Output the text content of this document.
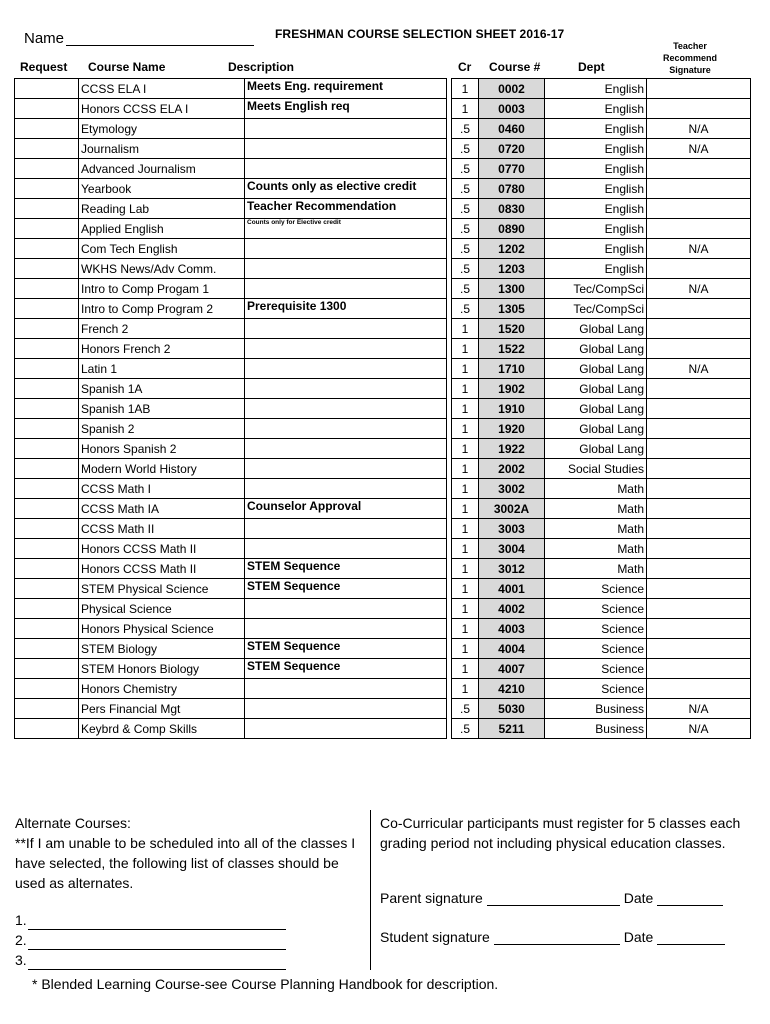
Name	FRESHMAN COURSE SELECTION SHEET 2016-17
Teacher
Recommend
Signature
Request Course Name	Description	Cr Course #	Dept
	CCSS ELA I	Meets Eng. requirement		1	0002	English	
	Honors CCSS ELA I	Meets English req		1	0003	English	
	Etymology			.5	0460	English	N/A
	Journalism			.5	0720	English	N/A
	Advanced Journalism			.5	0770	English	
	Yearbook	Counts only as elective credit		.5	0780	English	
	Reading Lab	Teacher Recommendation		.5	0830	English	
	Applied English	Counts only for Elective credit		.5	0890	English	
	Com Tech English			.5	1202	English	N/A
	WKHS News/Adv Comm.			.5	1203	English	
	Intro to Comp Progam 1			.5	1300	Tec/CompSci	N/A
	Intro to Comp Program 2	Prerequisite 1300		.5	1305	Tec/CompSci	
	French 2			1	1520	Global Lang	
	Honors French 2			1	1522	Global Lang	
	Latin 1			1	1710	Global Lang	N/A
	Spanish 1A			1	1902	Global Lang	
	Spanish 1AB			1	1910	Global Lang	
	Spanish 2			1	1920	Global Lang	
	Honors Spanish 2			1	1922	Global Lang	
	Modern World History			1	2002	Social Studies	
	CCSS Math I			1	3002	Math	
	CCSS Math IA	Counselor Approval		1	3002A	Math	
	CCSS Math II			1	3003	Math	
	Honors CCSS Math II			1	3004	Math	
	Honors CCSS Math II	STEM Sequence		1	3012	Math	
	STEM Physical Science	STEM Sequence		1	4001	Science	
	Physical Science			1	4002	Science	
	Honors Physical Science			1	4003	Science	
	STEM Biology	STEM Sequence		1	4004	Science	
	STEM Honors Biology	STEM Sequence		1	4007	Science	
	Honors Chemistry			1	4210	Science	
	Pers Financial Mgt			.5	5030	Business	N/A
	Keybrd & Comp Skills			.5	5211	Business	N/A
Alternate Courses:
**If I am unable to be scheduled into all of the classes I have selected, the following list of classes should be used as alternates.
1.
2.
3.
Co-Curricular participants must register for 5 classes each grading period not including physical education classes.
Parent signature	Date
Student signature	Date
* Blended Learning Course-see Course Planning Handbook for description.
